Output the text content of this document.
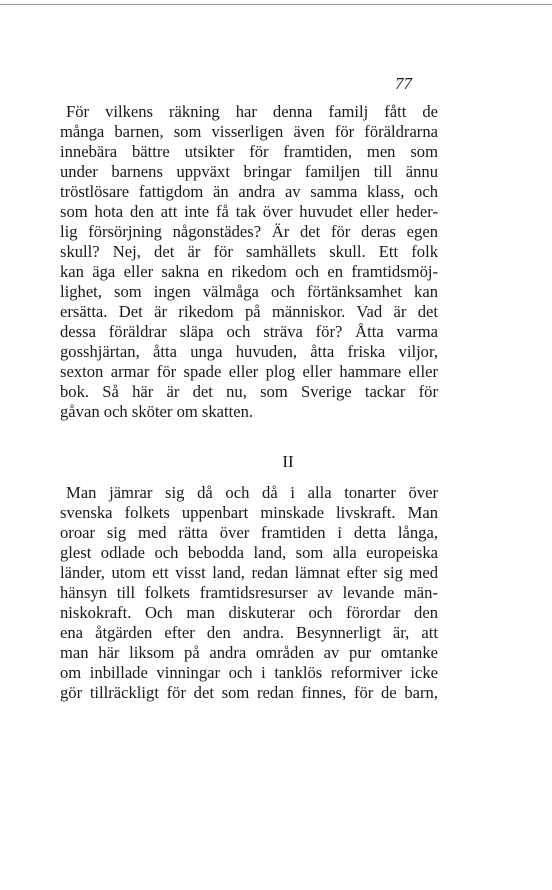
77

För vilkens räkning har denna familj fått de
många barnen, som visserligen även för föräldrarna
innebära bättre utsikter för framtiden, men som
under barnens uppväxt bringar familjen till ännu
tröstlösare fattigdom än andra av samma klass, och
som hota den att inte få tak över huvudet eller heder-
lig försörjning någonstädes? Är det för deras egen
skull? Nej, det är för samhällets skull. Ett folk
kan äga eller sakna en rikedom och en framtidsmöj-
lighet, som ingen välmåga och förtänksamhet kan
ersätta. Det är rikedom på människor. Vad är det
dessa föräldrar släpa och sträva för? Åtta varma
gosshjärtan, åtta unga huvuden, åtta friska viljor,
sexton armar för spade eller plog eller hammare eller
bok. Så här är det nu, som Sverige tackar för
gåvan och sköter om skatten.

II

Man jämrar sig då och då i alla tonarter över
svenska folkets uppenbart minskade livskraft. Man
oroar sig med rätta över framtiden i detta långa,
glest odlade och bebodda land, som alla europeiska
länder, utom ett visst land, redan lämnat efter sig med
hänsyn till folkets framtidsresurser av levande män-
niskokraft. Och man diskuterar och förordar den
ena åtgärden efter den andra. Besynnerligt är, att
man här liksom på andra områden av pur omtanke
om inbillade vinningar och i tanklös reformiver icke
gör tillräckligt för det som redan finnes, för de barn,
